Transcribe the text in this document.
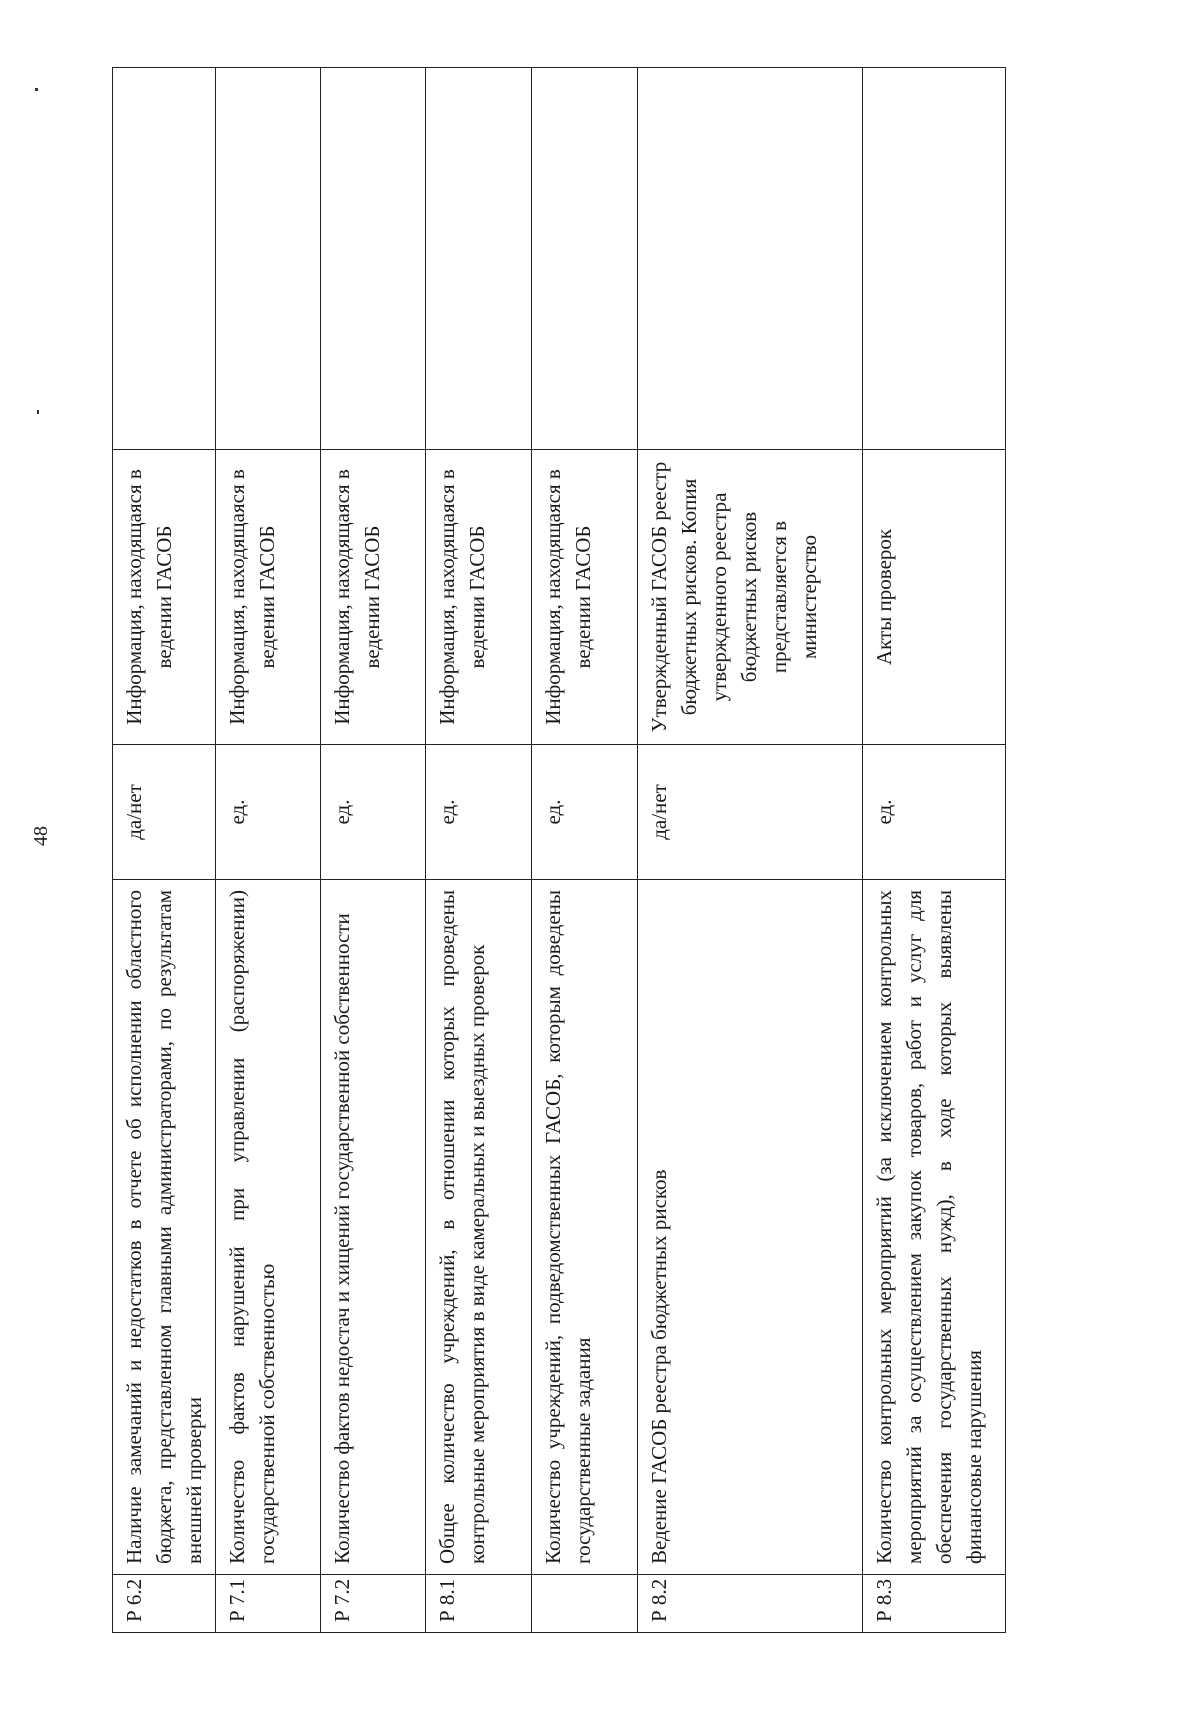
48
Р 6.2	Наличие замечаний и недостатков в отчете об исполнении областного бюджета, представленном главными администраторами, по результатам внешней проверки	да/нет	Информация, находящаяся в ведении ГАСОБ	
Р 7.1	Количество фактов нарушений при управлении (распоряжении) государственной собственностью	ед.	Информация, находящаяся в ведении ГАСОБ	
Р 7.2	Количество фактов недостач и хищений государственной собственности	ед.	Информация, находящаяся в ведении ГАСОБ	
Р 8.1	Общее количество учреждений, в отношении которых проведены контрольные мероприятия в виде камеральных и выездных проверок	ед.	Информация, находящаяся в ведении ГАСОБ	
	Количество учреждений, подведомственных ГАСОБ, которым доведены государственные задания	ед.	Информация, находящаяся в ведении ГАСОБ	
Р 8.2	Ведение ГАСОБ реестра бюджетных рисков	да/нет	Утвержденный ГАСОБ реестр бюджетных рисков. Копия утвержденного реестра бюджетных рисков представляется в министерство	
Р 8.3	Количество контрольных мероприятий (за исключением контрольных мероприятий за осуществлением закупок товаров, работ и услуг для обеспечения государственных нужд), в ходе которых выявлены финансовые нарушения	ед.	Акты проверок	
